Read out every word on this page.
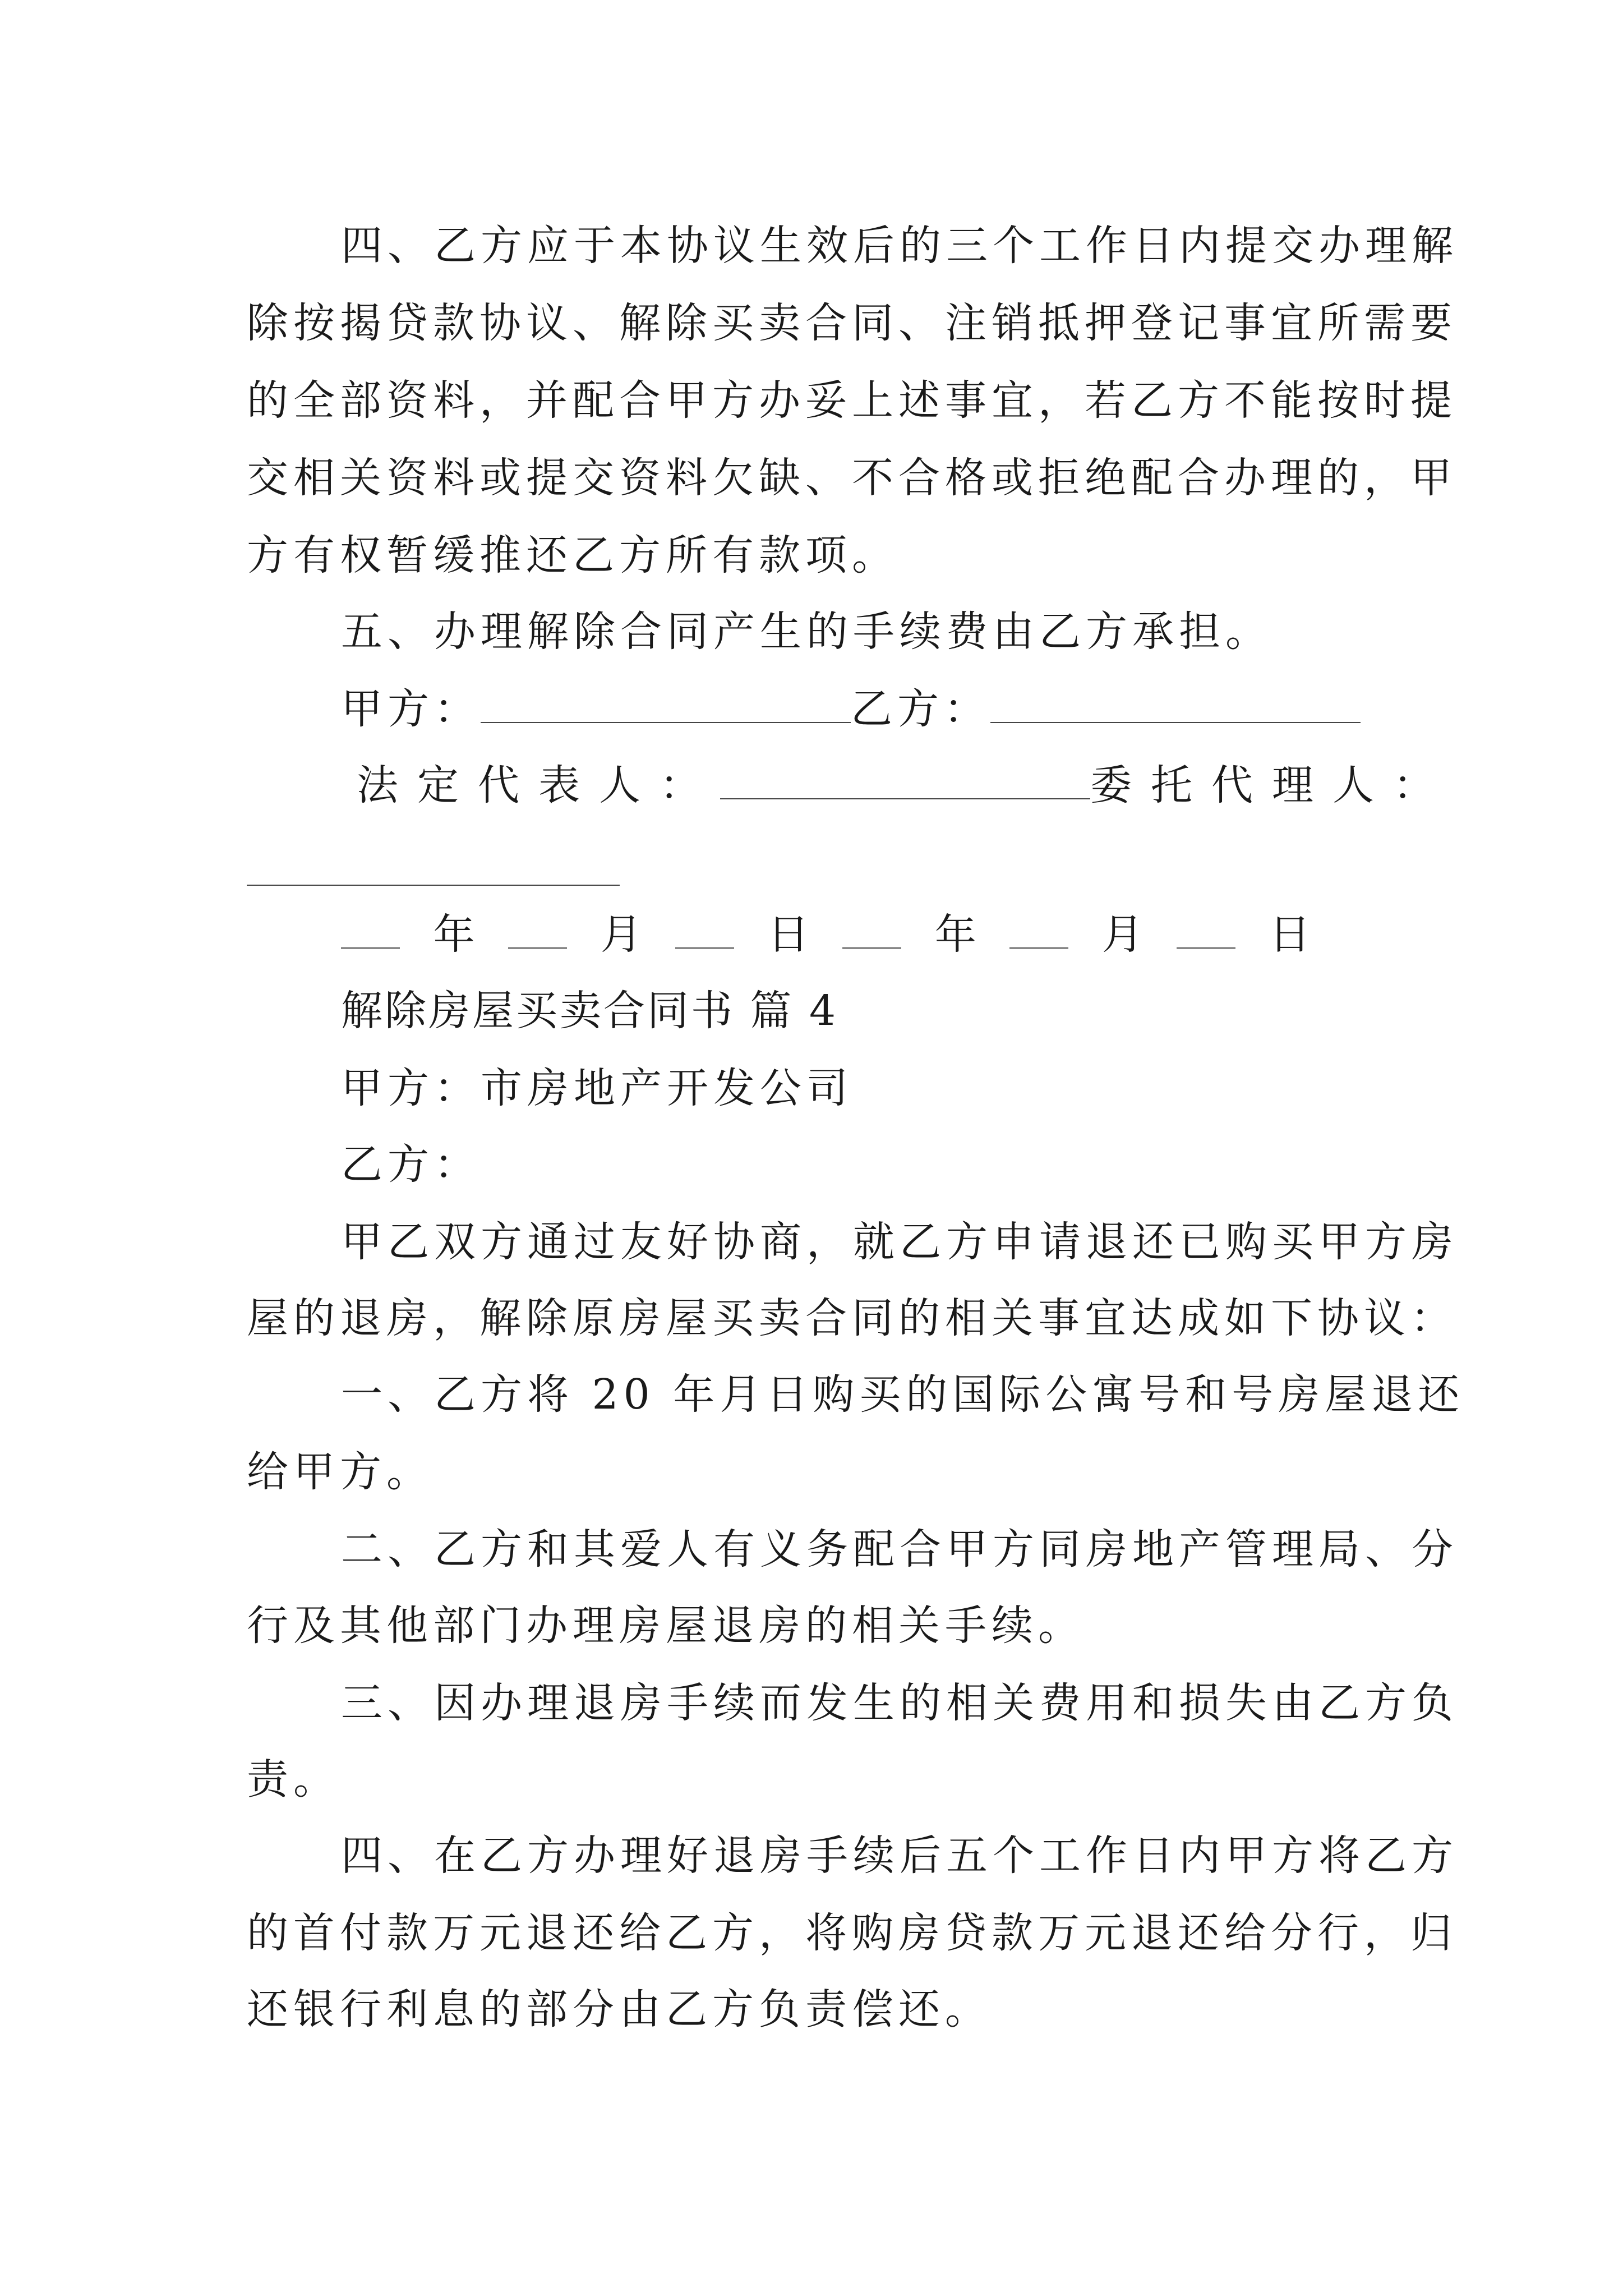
四、乙方应于本协议生效后的三个工作日内提交办理解
除按揭贷款协议、解除买卖合同、注销抵押登记事宜所需要
的全部资料，并配合甲方办妥上述事宜，若乙方不能按时提
交相关资料或提交资料欠缺、不合格或拒绝配合办理的，甲
方有权暂缓推还乙方所有款项。
五、办理解除合同产生的手续费由乙方承担。
甲方：	乙方：
法定代表人：	委托代理人：
年	月	日	年	月	日
解除房屋买卖合同书 篇 4
甲方：市房地产开发公司
乙方：
甲乙双方通过友好协商，就乙方申请退还已购买甲方房
屋的退房，解除原房屋买卖合同的相关事宜达成如下协议：
一、乙方将 20 年月日购买的国际公寓号和号房屋退还
给甲方。
二、乙方和其爱人有义务配合甲方同房地产管理局、分
行及其他部门办理房屋退房的相关手续。
三、因办理退房手续而发生的相关费用和损失由乙方负
责。
四、在乙方办理好退房手续后五个工作日内甲方将乙方
的首付款万元退还给乙方，将购房贷款万元退还给分行，归
还银行利息的部分由乙方负责偿还。
